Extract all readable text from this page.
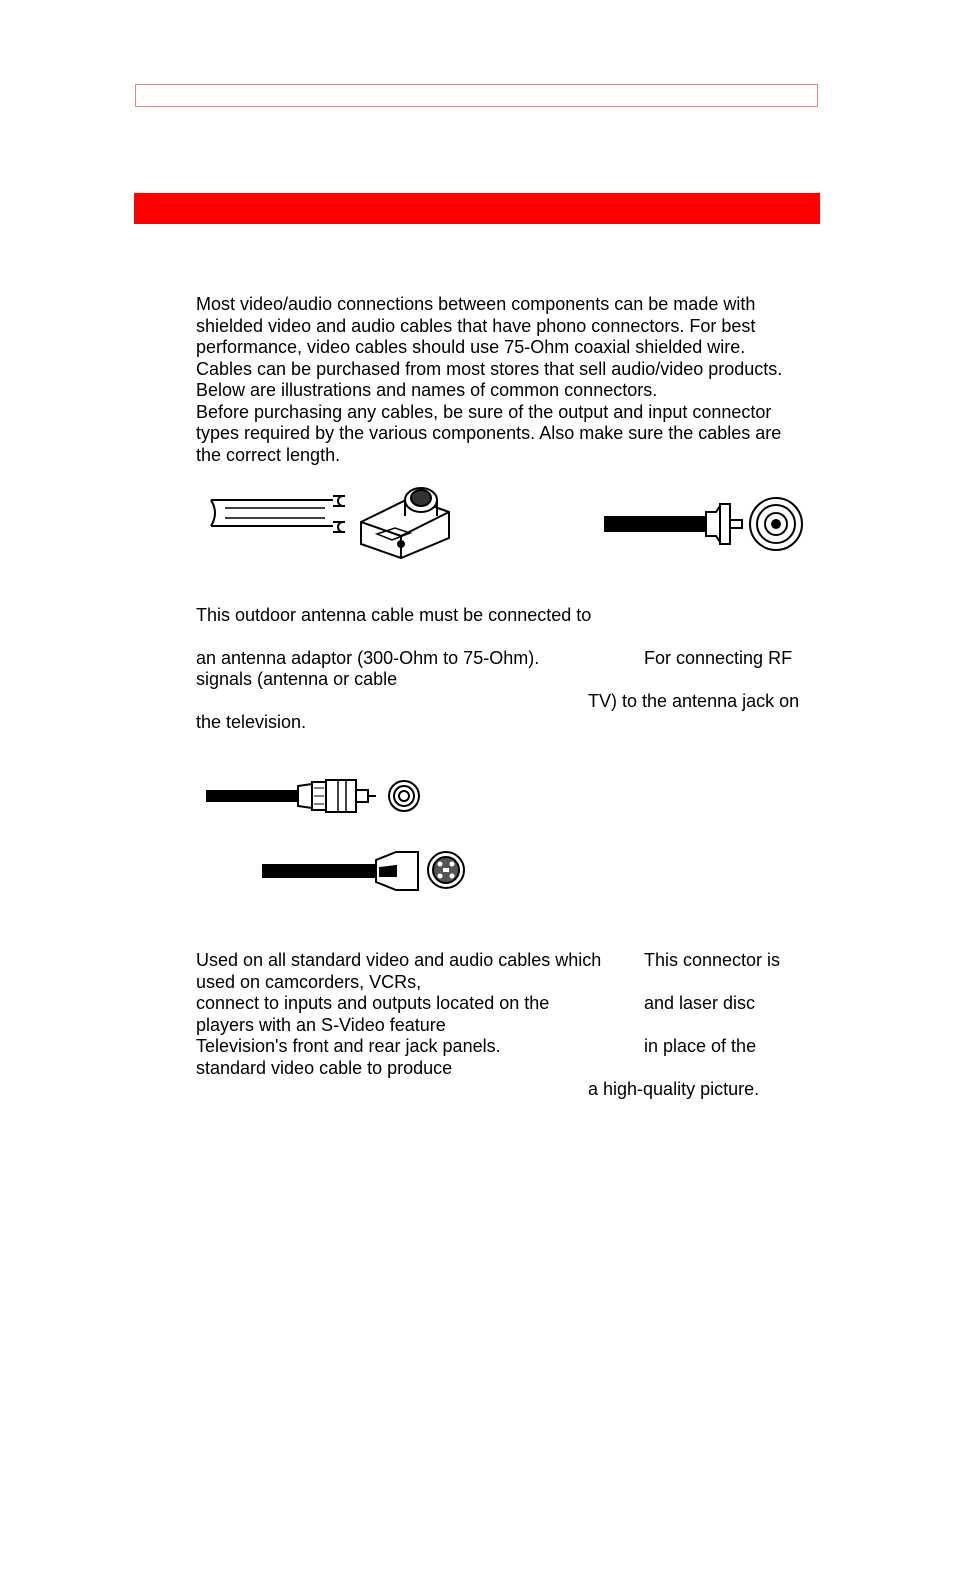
Most video/audio connections between components can be made with

shielded video and audio cables that have phono connectors. For best

performance, video cables should use 75-Ohm coaxial shielded wire.

Cables can be purchased from most stores that sell audio/video products.

Below are illustrations and names of common connectors.

Before purchasing any cables, be sure of the output and input connector

types required by the various components. Also make sure the cables are

the correct length.

This outdoor antenna cable must be connected to

an antenna adaptor (300-Ohm to 75-Ohm).	For connecting RF

signals (antenna or cable

TV) to the antenna jack on

the television.

Used on all standard video and audio cables which This connector is

used on camcorders, VCRs,

connect to inputs and outputs located on the	and laser disc

players with an S-Video feature

Television's front and rear jack panels.	in place of the

standard video cable to produce

a high-quality picture.
